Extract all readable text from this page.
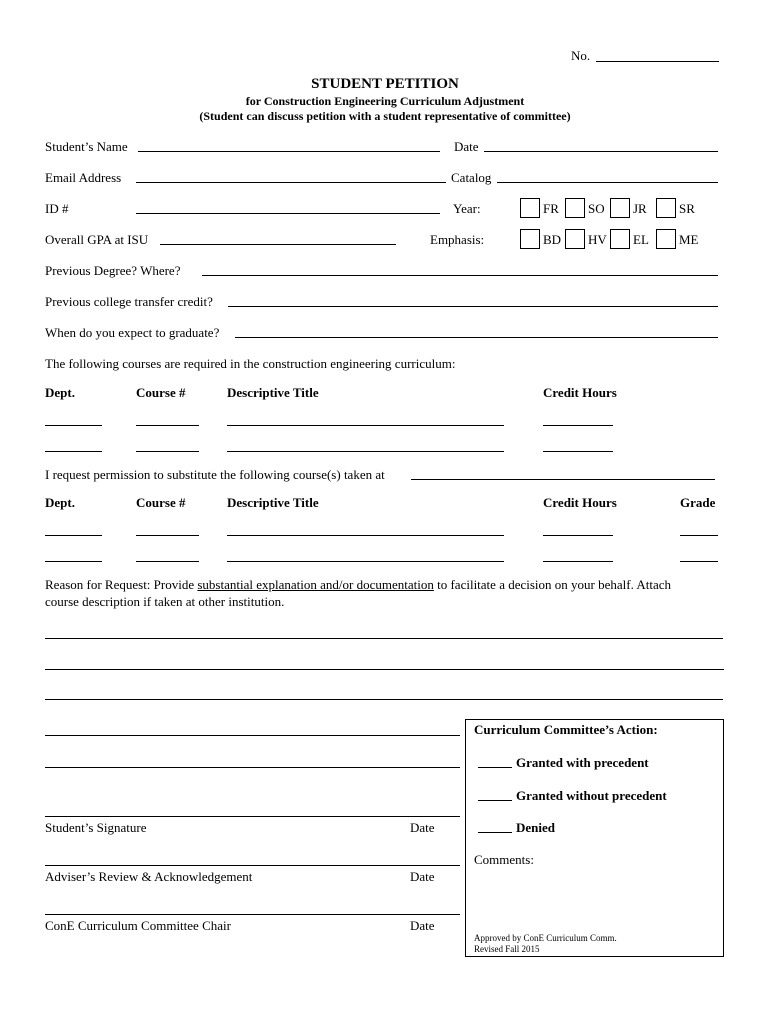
No.
STUDENT PETITION
for Construction Engineering Curriculum Adjustment
(Student can discuss petition with a student representative of committee)
Student’s Name	Date
Email Address	Catalog
ID #	Year:	FR SO JR SR
Overall GPA at ISU	Emphasis:	BD HV EL ME
Previous Degree? Where?
Previous college transfer credit?
When do you expect to graduate?
The following courses are required in the construction engineering curriculum:
Dept.	Course #	Descriptive Title	Credit Hours
I request permission to substitute the following course(s) taken at
Dept.	Course #	Descriptive Title	Credit Hours	Grade
Reason for Request: Provide substantial explanation and/or documentation to facilitate a decision on your behalf. Attach
course description if taken at other institution.
Student’s Signature	Date
Adviser’s Review & Acknowledgement	Date
ConE Curriculum Committee Chair	Date
Curriculum Committee’s Action:
Granted with precedent
Granted without precedent
Denied
Comments:
Approved by ConE Curriculum Comm.
Revised Fall 2015
